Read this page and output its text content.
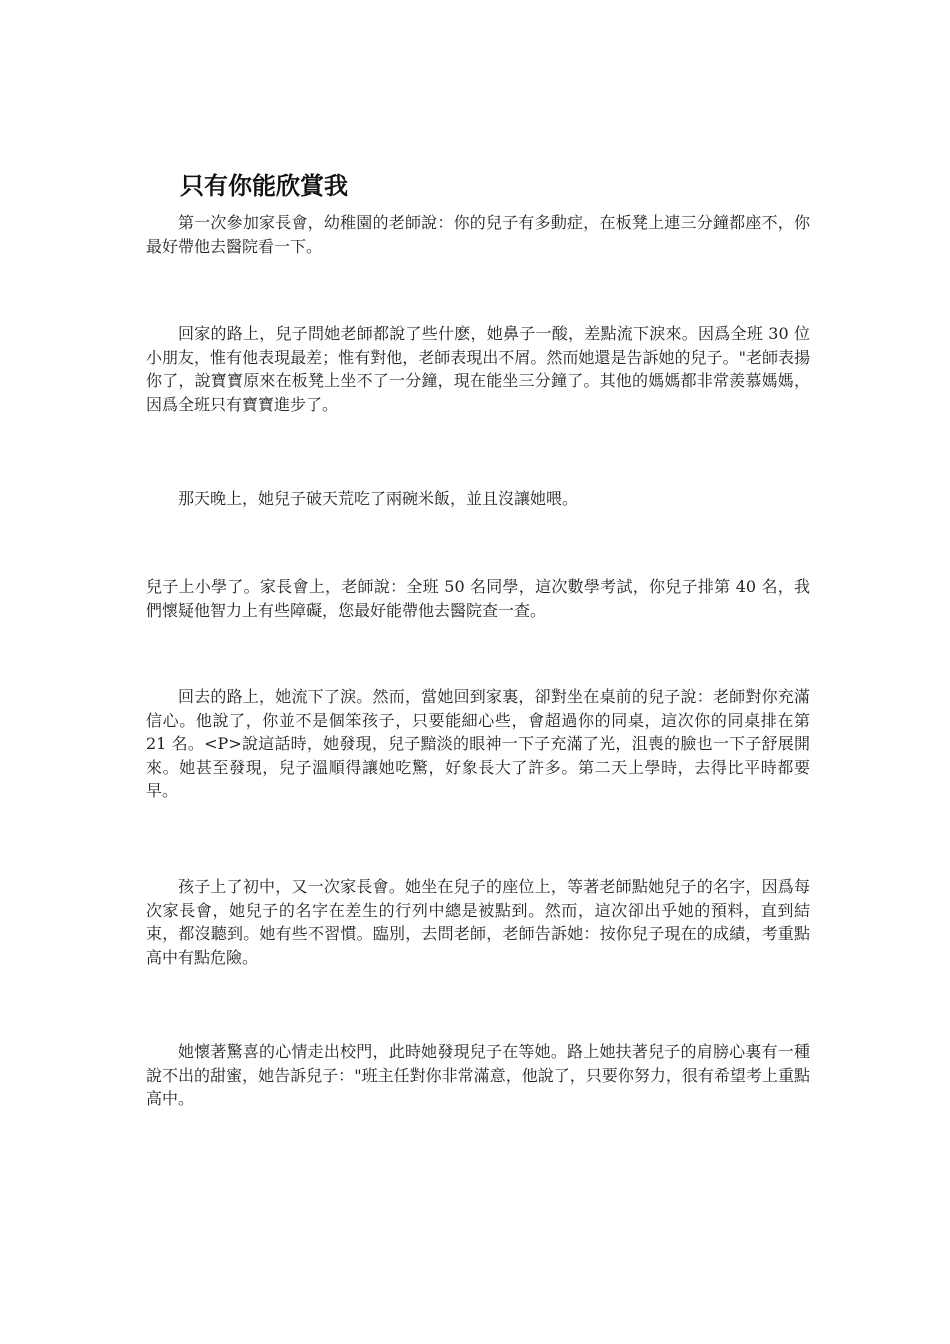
只有你能欣賞我

第一次參加家長會，幼稚園的老師說：你的兒子有多動症，在板凳上連三分鐘都座不，你最好帶他去醫院看一下。

回家的路上，兒子問她老師都說了些什麽，她鼻子一酸，差點流下淚來。因爲全班 30 位小朋友，惟有他表現最差；惟有對他，老師表現出不屑。然而她還是告訴她的兒子。"老師表揚你了，說寶寶原來在板凳上坐不了一分鐘，現在能坐三分鐘了。其他的媽媽都非常羨慕媽媽，因爲全班只有寶寶進步了。

那天晚上，她兒子破天荒吃了兩碗米飯，並且沒讓她喂。

兒子上小學了。家長會上，老師說：全班 50 名同學，這次數學考試，你兒子排第 40 名，我們懷疑他智力上有些障礙，您最好能帶他去醫院查一查。

回去的路上，她流下了淚。然而，當她回到家裏，卻對坐在桌前的兒子說：老師對你充滿信心。他說了，你並不是個笨孩子，只要能細心些，會超過你的同桌，這次你的同桌排在第 21 名。<P>說這話時，她發現，兒子黯淡的眼神一下子充滿了光，沮喪的臉也一下子舒展開來。她甚至發現，兒子溫順得讓她吃驚，好象長大了許多。第二天上學時，去得比平時都要早。

孩子上了初中，又一次家長會。她坐在兒子的座位上，等著老師點她兒子的名字，因爲每次家長會，她兒子的名字在差生的行列中總是被點到。然而，這次卻出乎她的預料，直到結束，都沒聽到。她有些不習慣。臨別，去問老師，老師告訴她：按你兒子現在的成績，考重點高中有點危險。

她懷著驚喜的心情走出校門，此時她發現兒子在等她。路上她扶著兒子的肩膀心裏有一種說不出的甜蜜，她告訴兒子："班主任對你非常滿意，他說了，只要你努力，很有希望考上重點高中。
